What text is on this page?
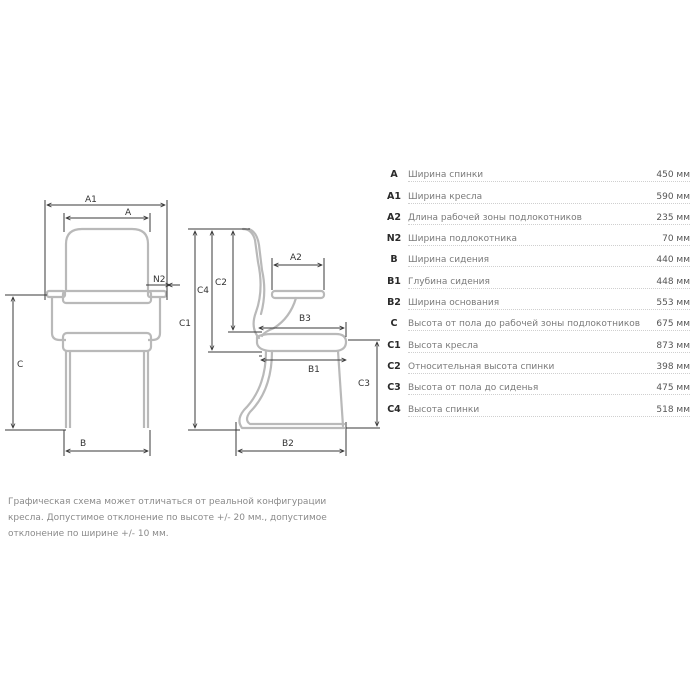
A1
A
N2
C
B
A2
C2
C4
C1	B3
B1
C3
B2
A	Ширина спинки	450 мм
A1 Ширина кресла	590 мм
A2 Длина рабочей зоны подлокотников	235 мм
N2 Ширина подлокотника	70 мм
B	Ширина сидения	440 мм
B1 Глубина сидения	448 мм
B2 Ширина основания	553 мм
C	Высота от пола до рабочей зоны подлокотников	675 мм
C1 Высота кресла	873 мм
C2 Относительная высота спинки	398 мм
C3 Высота от пола до сиденья	475 мм
C4 Высота спинки	518 мм
Графическая схема может отличаться от реальной конфигурации кресла. Допустимое отклонение по высоте +/- 20 мм., допустимое отклонение по ширине +/- 10 мм.
